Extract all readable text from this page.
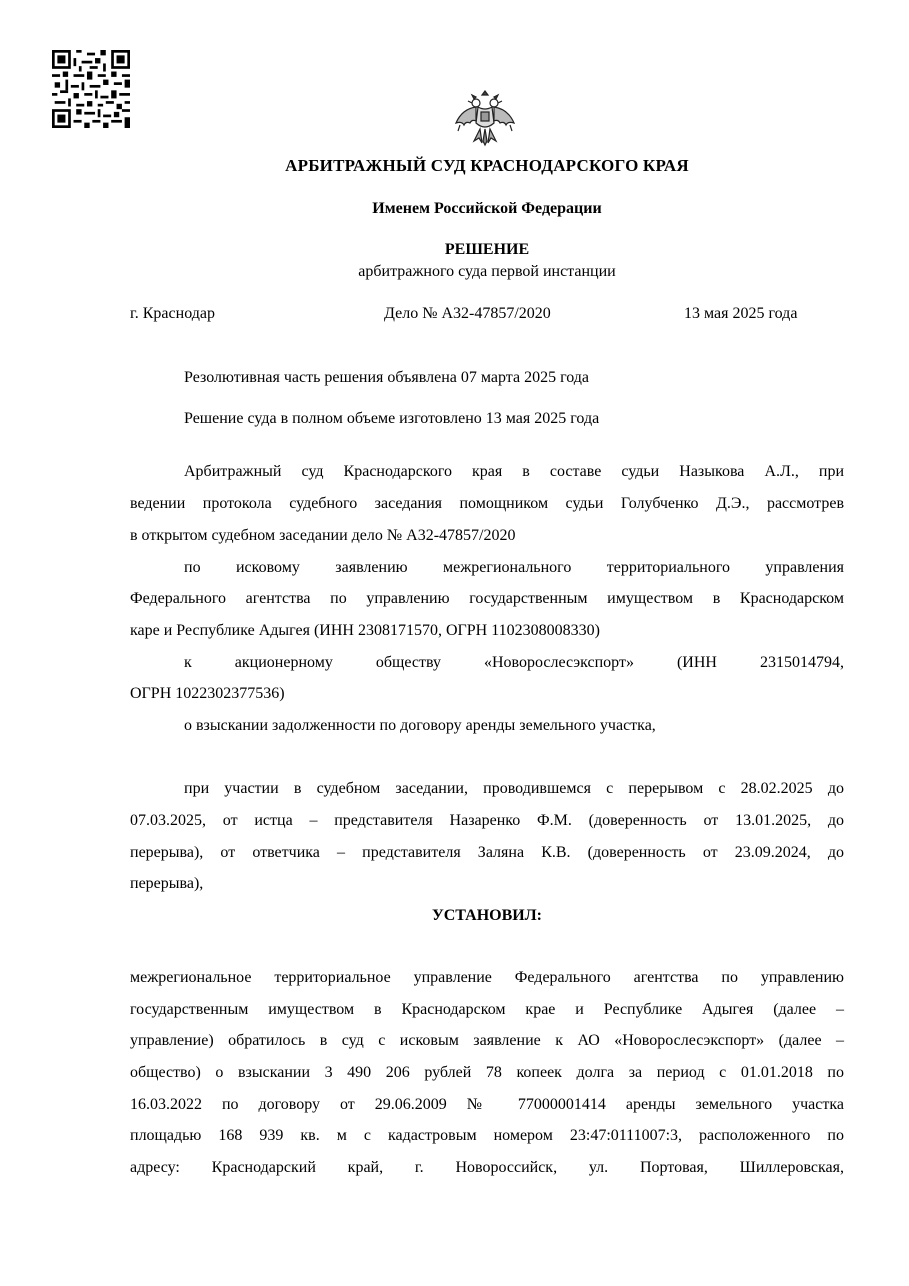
АРБИТРАЖНЫЙ СУД КРАСНОДАРСКОГО КРАЯ
Именем Российской Федерации
РЕШЕНИЕ
арбитражного суда первой инстанции
г. Краснодар	Дело № А32-47857/2020	13 мая 2025 года
Резолютивная часть решения объявлена 07 марта 2025 года
Решение суда в полном объеме изготовлено 13 мая 2025 года
Арбитражный суд Краснодарского края в составе судьи Назыкова А.Л., при
ведении протокола судебного заседания помощником судьи Голубченко Д.Э., рассмотрев
в открытом судебном заседании дело № А32-47857/2020
по исковому заявлению межрегионального территориального управления
Федерального агентства по управлению государственным имуществом в Краснодарском
каре и Республике Адыгея (ИНН 2308171570, ОГРН 1102308008330)
к акционерному обществу «Новорослесэкспорт» (ИНН 2315014794,
ОГРН 1022302377536)
о взыскании задолженности по договору аренды земельного участка,
при участии в судебном заседании, проводившемся с перерывом с 28.02.2025 до
07.03.2025, от истца – представителя Назаренко Ф.М. (доверенность от 13.01.2025, до
перерыва), от ответчика – представителя Заляна К.В. (доверенность от 23.09.2024, до
перерыва),
УСТАНОВИЛ:
межрегиональное территориальное управление Федерального агентства по управлению
государственным имуществом в Краснодарском крае и Республике Адыгея (далее –
управление) обратилось в суд с исковым заявление к АО «Новорослесэкспорт» (далее –
общество) о взыскании 3 490 206 рублей 78 копеек долга за период с 01.01.2018 по
16.03.2022 по договору от 29.06.2009 № 77000001414 аренды земельного участка
площадью 168 939 кв. м с кадастровым номером 23:47:0111007:3, расположенного по
адресу: Краснодарский край, г. Новороссийск, ул. Портовая, Шиллеровская,
